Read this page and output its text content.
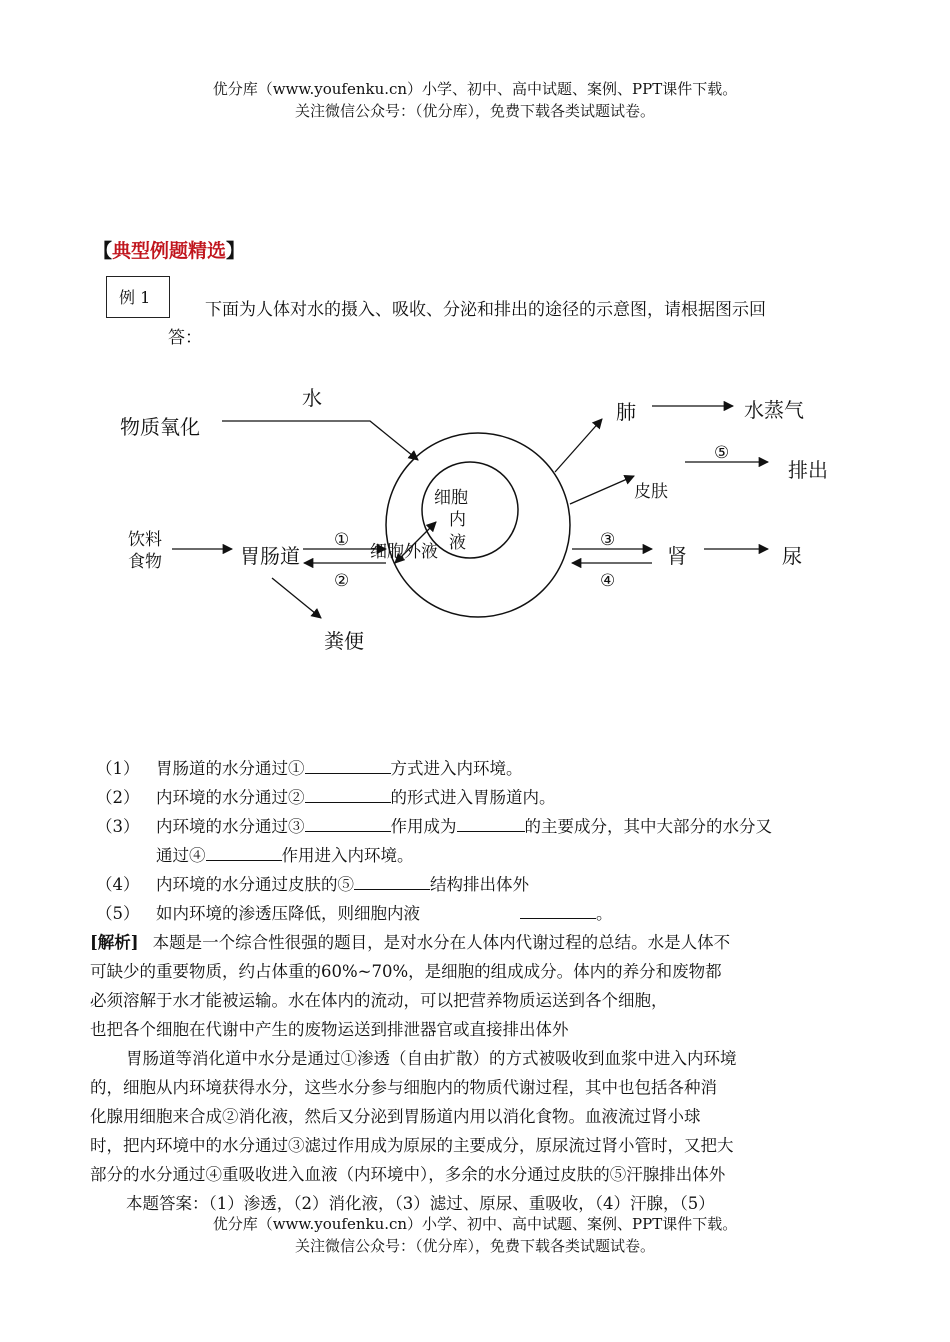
优分库（www.youfenku.cn）小学、初中、高中试题、案例、PPT课件下载。
关注微信公众号：（优分库），免费下载各类试题试卷。
【典型例题精选】
例 1
下面为人体对水的摄入、吸收、分泌和排出的途径的示意图，请根据图示回
答：
水
物质氧化
肺	水蒸气
皮肤
⑤
排出
饮料
食物	胃肠道
①
②
细胞外液
细胞
内
液	③
④
肾	尿
粪便
（1） 胃肠道的水分通过①	方式进入内环境。
（2） 内环境的水分通过②	的形式进入胃肠道内。
（3） 内环境的水分通过③	作用成为	的主要成分，其中大部分的水分又
通过④	作用进入内环境。
（4） 内环境的水分通过皮肤的⑤	结构排出体外
（5） 如内环境的渗透压降低，则细胞内液	。
[解析] 本题是一个综合性很强的题目，是对水分在人体内代谢过程的总结。水是人体不
可缺少的重要物质，约占体重的60%~70%，是细胞的组成成分。体内的养分和废物都
必须溶解于水才能被运输。水在体内的流动，可以把营养物质运送到各个细胞，
也把各个细胞在代谢中产生的废物运送到排泄器官或直接排出体外
胃肠道等消化道中水分是通过①渗透（自由扩散）的方式被吸收到血浆中进入内环境
的，细胞从内环境获得水分，这些水分参与细胞内的物质代谢过程，其中也包括各种消
化腺用细胞来合成②消化液，然后又分泌到胃肠道内用以消化食物。血液流过肾小球
时，把内环境中的水分通过③滤过作用成为原尿的主要成分，原尿流过肾小管时，又把大
部分的水分通过④重吸收进入血液（内环境中），多余的水分通过皮肤的⑤汗腺排出体外
本题答案：（1）渗透，（2）消化液，（3）滤过、原尿、重吸收，（4）汗腺，（5）
优分库（www.youfenku.cn）小学、初中、高中试题、案例、PPT课件下载。
关注微信公众号：（优分库），免费下载各类试题试卷。
